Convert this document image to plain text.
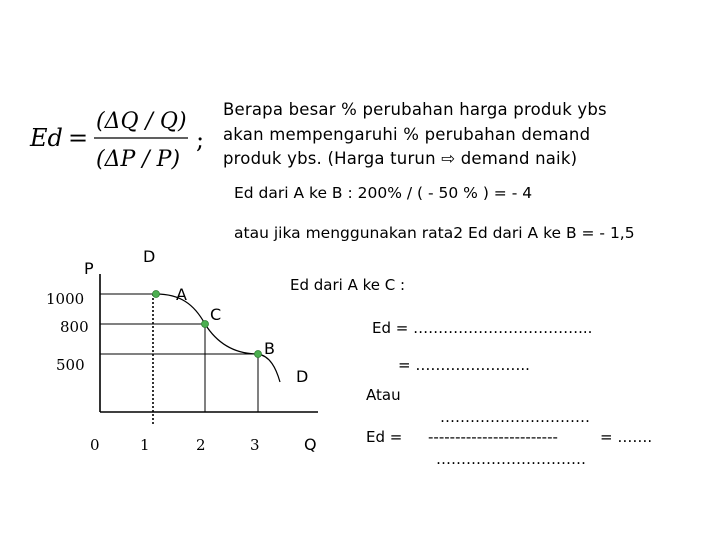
Ed =
(ΔQ / Q)
(ΔP / P)
;
Berapa besar % perubahan harga produk ybs
akan mempengaruhi % perubahan demand
produk ybs. (Harga turun ⇨ demand naik)
Ed dari A ke B : 200% / ( - 50 % ) = - 4
atau jika menggunakan rata2 Ed dari A ke B = - 1,5
P
D
D
1000
800
500
A
C
B
0	1	2	3	Q
Ed dari A ke C :
Ed = ……………………………...
= …………………..
Atau
…………………………
Ed = ------------------------	= …….
…………………………
